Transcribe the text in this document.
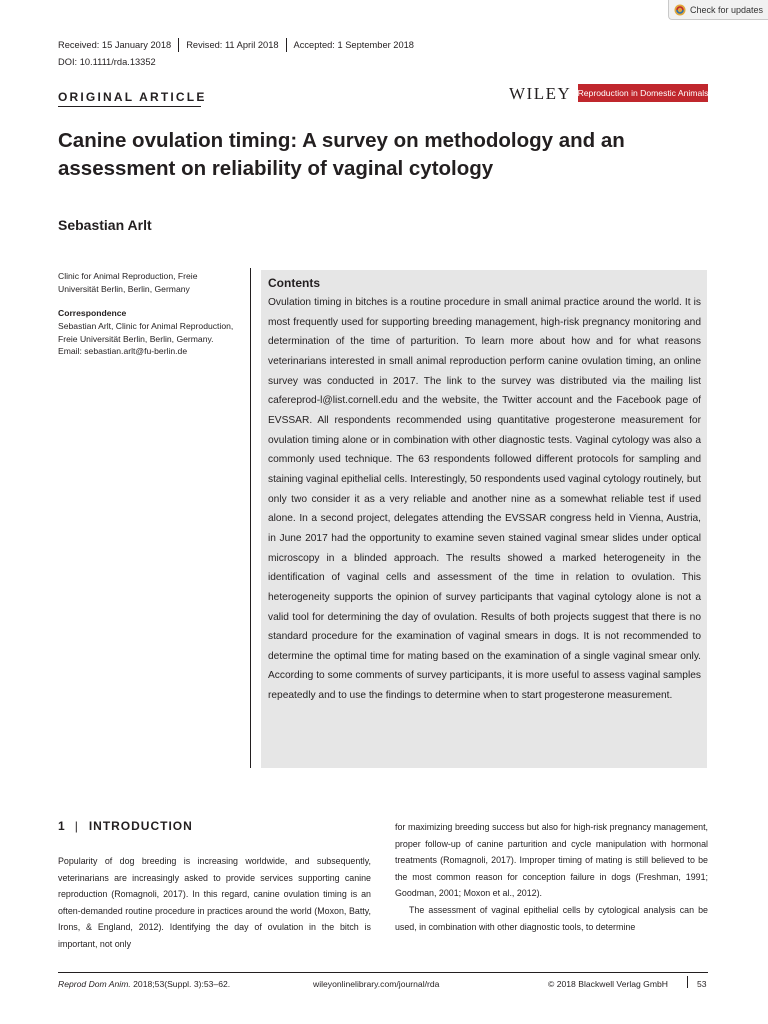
Check for updates
Received: 15 January 2018 Revised: 11 April 2018 Accepted: 1 September 2018
DOI: 10.1111/rda.13352
ORIGINAL ARTICLE	WILEY Reproduction in Domestic Animals
Canine ovulation timing: A survey on methodology and an assessment on reliability of vaginal cytology
Sebastian Arlt
Clinic for Animal Reproduction, Freie Universität Berlin, Berlin, Germany
Correspondence
Sebastian Arlt, Clinic for Animal Reproduction, Freie Universität Berlin, Berlin, Germany.
Email: sebastian.arlt@fu-berlin.de
Contents
Ovulation timing in bitches is a routine procedure in small animal practice around the world. It is most frequently used for supporting breeding management, high-risk pregnancy monitoring and determination of the time of parturition. To learn more about how and for what reasons veterinarians interested in small animal reproduction perform canine ovulation timing, an online survey was conducted in 2017. The link to the survey was distributed via the mailing list cafereprod-l@list.cornell.edu and the website, the Twitter account and the Facebook page of EVSSAR. All respondents recommended using quantitative progesterone measurement for ovulation timing alone or in combination with other diagnostic tests. Vaginal cytology was also a commonly used technique. The 63 respondents followed different protocols for sampling and staining vaginal epithelial cells. Interestingly, 50 respondents used vaginal cytology routinely, but only two consider it as a very reliable and another nine as a somewhat reliable test if used alone. In a second project, delegates attending the EVSSAR congress held in Vienna, Austria, in June 2017 had the opportunity to examine seven stained vaginal smear slides under optical microscopy in a blinded approach. The results showed a marked heterogeneity in the identification of vaginal cells and assessment of the time in relation to ovulation. This heterogeneity supports the opinion of survey participants that vaginal cytology alone is not a valid tool for determining the day of ovulation. Results of both projects suggest that there is no standard procedure for the examination of vaginal smears in dogs. It is not recommended to determine the optimal time for mating based on the examination of a single vaginal smear only. According to some comments of survey participants, it is more useful to assess vaginal samples repeatedly and to use the findings to determine when to start progesterone measurement.
1 | INTRODUCTION

Popularity of dog breeding is increasing worldwide, and subsequently, veterinarians are increasingly asked to provide services supporting canine reproduction (Romagnoli, 2017). In this regard, canine ovulation timing is an often-demanded routine procedure in practices around the world (Moxon, Batty, Irons, & England, 2012). Identifying the day of ovulation in the bitch is important, not only

for maximizing breeding success but also for high-risk pregnancy management, proper follow-up of canine parturition and cycle manipulation with hormonal treatments (Romagnoli, 2017). Improper timing of mating is still believed to be the most common reason for conception failure in dogs (Freshman, 1991; Goodman, 2001; Moxon et al., 2012).

The assessment of vaginal epithelial cells by cytological analysis can be used, in combination with other diagnostic tools, to determine

Reprod Dom Anim. 2018;53(Suppl. 3):53–62.	wileyonlinelibrary.com/journal/rda	© 2018 Blackwell Verlag GmbH	53
